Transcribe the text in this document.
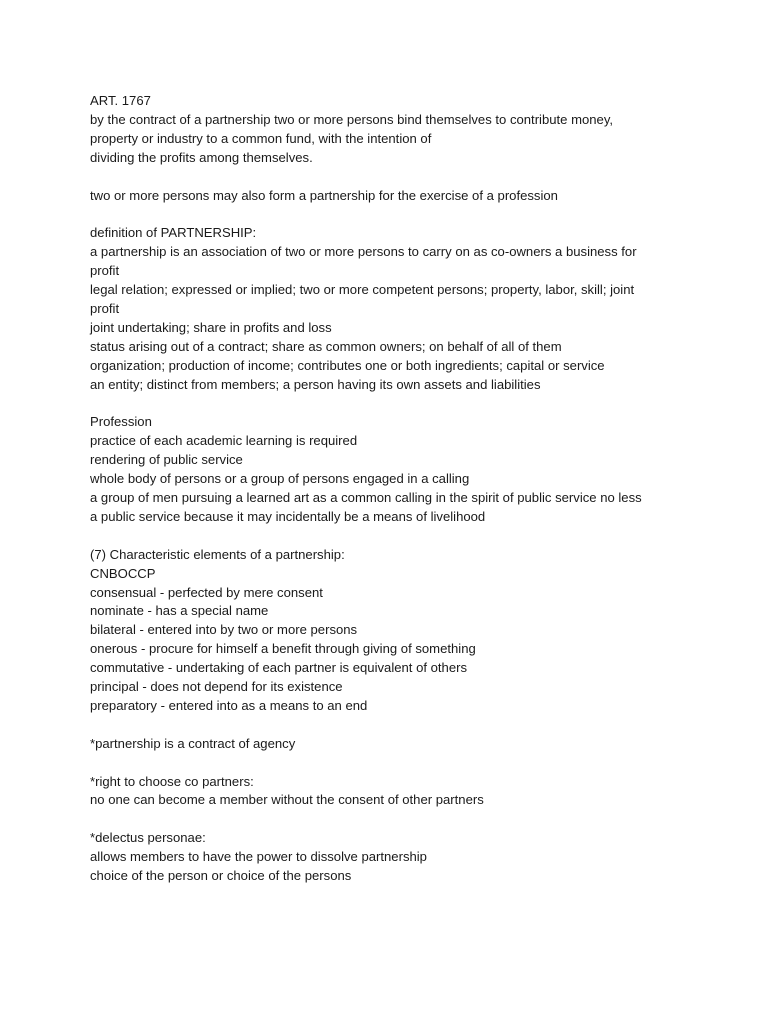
ART. 1767
by the contract of a partnership two or more persons bind themselves to contribute money,
property or industry to a common fund, with the intention of
dividing the profits among themselves.
two or more persons may also form a partnership for the exercise of a profession
definition of PARTNERSHIP:
a partnership is an association of two or more persons to carry on as co-owners a business for
profit
legal relation; expressed or implied; two or more competent persons; property, labor, skill; joint
profit
joint undertaking; share in profits and loss
status arising out of a contract; share as common owners; on behalf of all of them
organization; production of income; contributes one or both ingredients; capital or service
an entity; distinct from members; a person having its own assets and liabilities
Profession
practice of each academic learning is required
rendering of public service
whole body of persons or a group of persons engaged in a calling
a group of men pursuing a learned art as a common calling in the spirit of public service no less
a public service because it may incidentally be a means of livelihood
(7) Characteristic elements of a partnership:
CNBOCCP
consensual - perfected by mere consent
nominate - has a special name
bilateral - entered into by two or more persons
onerous - procure for himself a benefit through giving of something
commutative - undertaking of each partner is equivalent of others
principal - does not depend for its existence
preparatory - entered into as a means to an end
*partnership is a contract of agency
*right to choose co partners:
no one can become a member without the consent of other partners
*delectus personae:
allows members to have the power to dissolve partnership
choice of the person or choice of the persons
